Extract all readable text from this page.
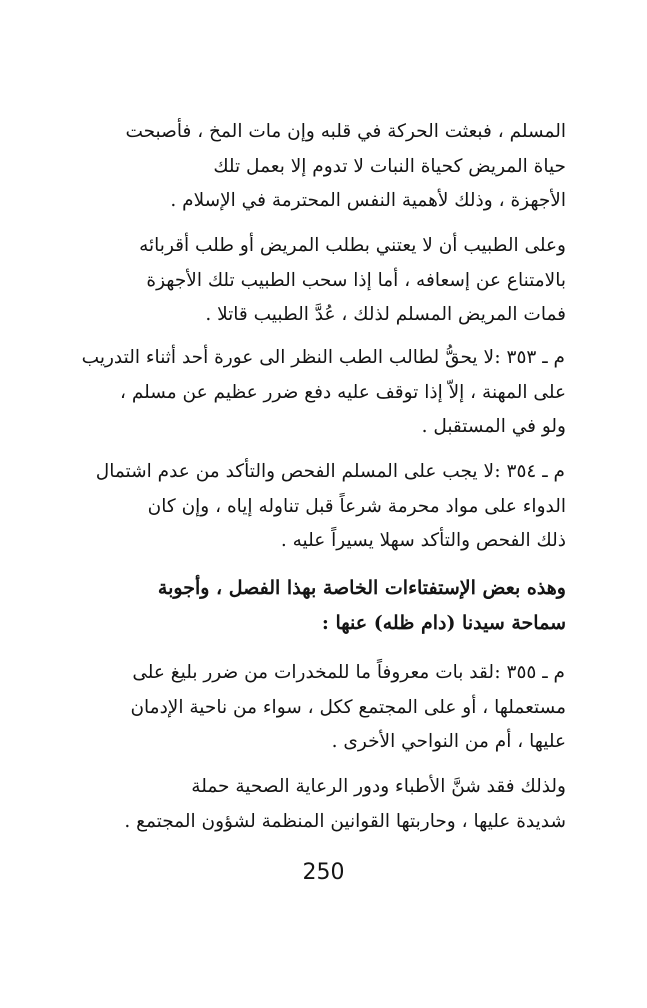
المسلم ، فبعثت الحركة في قلبه وإن مات المخ ، فأصبحت
حياة المريض كحياة النبات لا تدوم إلا بعمل تلك
الأجهزة ، وذلك لأهمية النفس المحترمة في الإسلام .
وعلى الطبيب أن لا يعتني بطلب المريض أو طلب أقربائه
بالامتناع عن إسعافه ، أما إذا سحب الطبيب تلك الأجهزة
فمات المريض المسلم لذلك ، عُدَّ الطبيب قاتلا .
م ـ ٣٥٣ :
لا يحقُّ لطالب الطب النظر الى عورة أحد أثناء التدريب
على المهنة ، إلاّ إذا توقف عليه دفع ضرر عظيم عن مسلم ،
ولو في المستقبل .
م ـ ٣٥٤ :
لا يجب على المسلم الفحص والتأكد من عدم اشتمال
الدواء على مواد محرمة شرعاً قبل تناوله إياه ، وإن كان
ذلك الفحص والتأكد سهلا يسيراً عليه .
وهذه بعض الإستفتاءات الخاصة بهذا الفصل ، وأجوبة
سماحة سيدنا (دام ظله) عنها :
م ـ ٣٥٥ :
لقد بات معروفاً ما للمخدرات من ضرر بليغ على
مستعملها ، أو على المجتمع ككل ، سواء من ناحية الإدمان
عليها ، أم من النواحي الأخرى .
ولذلك فقد شنَّ الأطباء ودور الرعاية الصحية حملة
شديدة عليها ، وحاربتها القوانين المنظمة لشؤون المجتمع .
250
